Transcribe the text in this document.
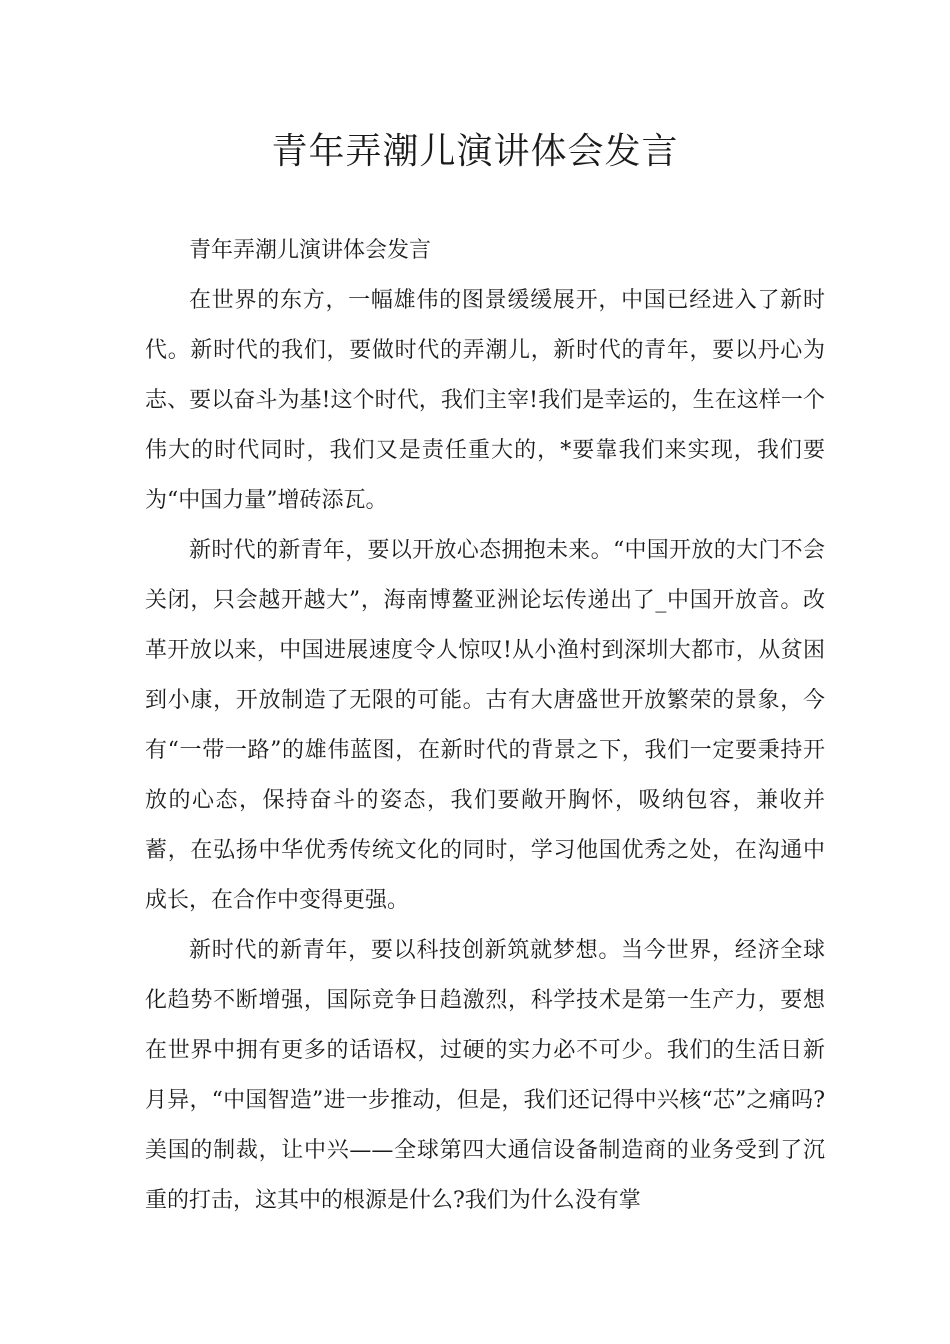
青年弄潮儿演讲体会发言

青年弄潮儿演讲体会发言

在世界的东方，一幅雄伟的图景缓缓展开，中国已经进入了新时代。新时代的我们，要做时代的弄潮儿，新时代的青年，要以丹心为志、要以奋斗为基!这个时代，我们主宰!我们是幸运的，生在这样一个伟大的时代同时，我们又是责任重大的，*要靠我们来实现，我们要为“中国力量”增砖添瓦。

新时代的新青年，要以开放心态拥抱未来。“中国开放的大门不会关闭，只会越开越大”，海南博鳌亚洲论坛传递出了_中国开放音。改革开放以来，中国进展速度令人惊叹!从小渔村到深圳大都市，从贫困到小康，开放制造了无限的可能。古有大唐盛世开放繁荣的景象，今有“一带一路”的雄伟蓝图，在新时代的背景之下，我们一定要秉持开放的心态，保持奋斗的姿态，我们要敞开胸怀，吸纳包容，兼收并蓄，在弘扬中华优秀传统文化的同时，学习他国优秀之处，在沟通中成长，在合作中变得更强。

新时代的新青年，要以科技创新筑就梦想。当今世界，经济全球化趋势不断增强，国际竞争日趋激烈，科学技术是第一生产力，要想在世界中拥有更多的话语权，过硬的实力必不可少。我们的生活日新月异，“中国智造”进一步推动，但是，我们还记得中兴核“芯”之痛吗?美国的制裁，让中兴——全球第四大通信设备制造商的业务受到了沉重的打击，这其中的根源是什么?我们为什么没有掌
